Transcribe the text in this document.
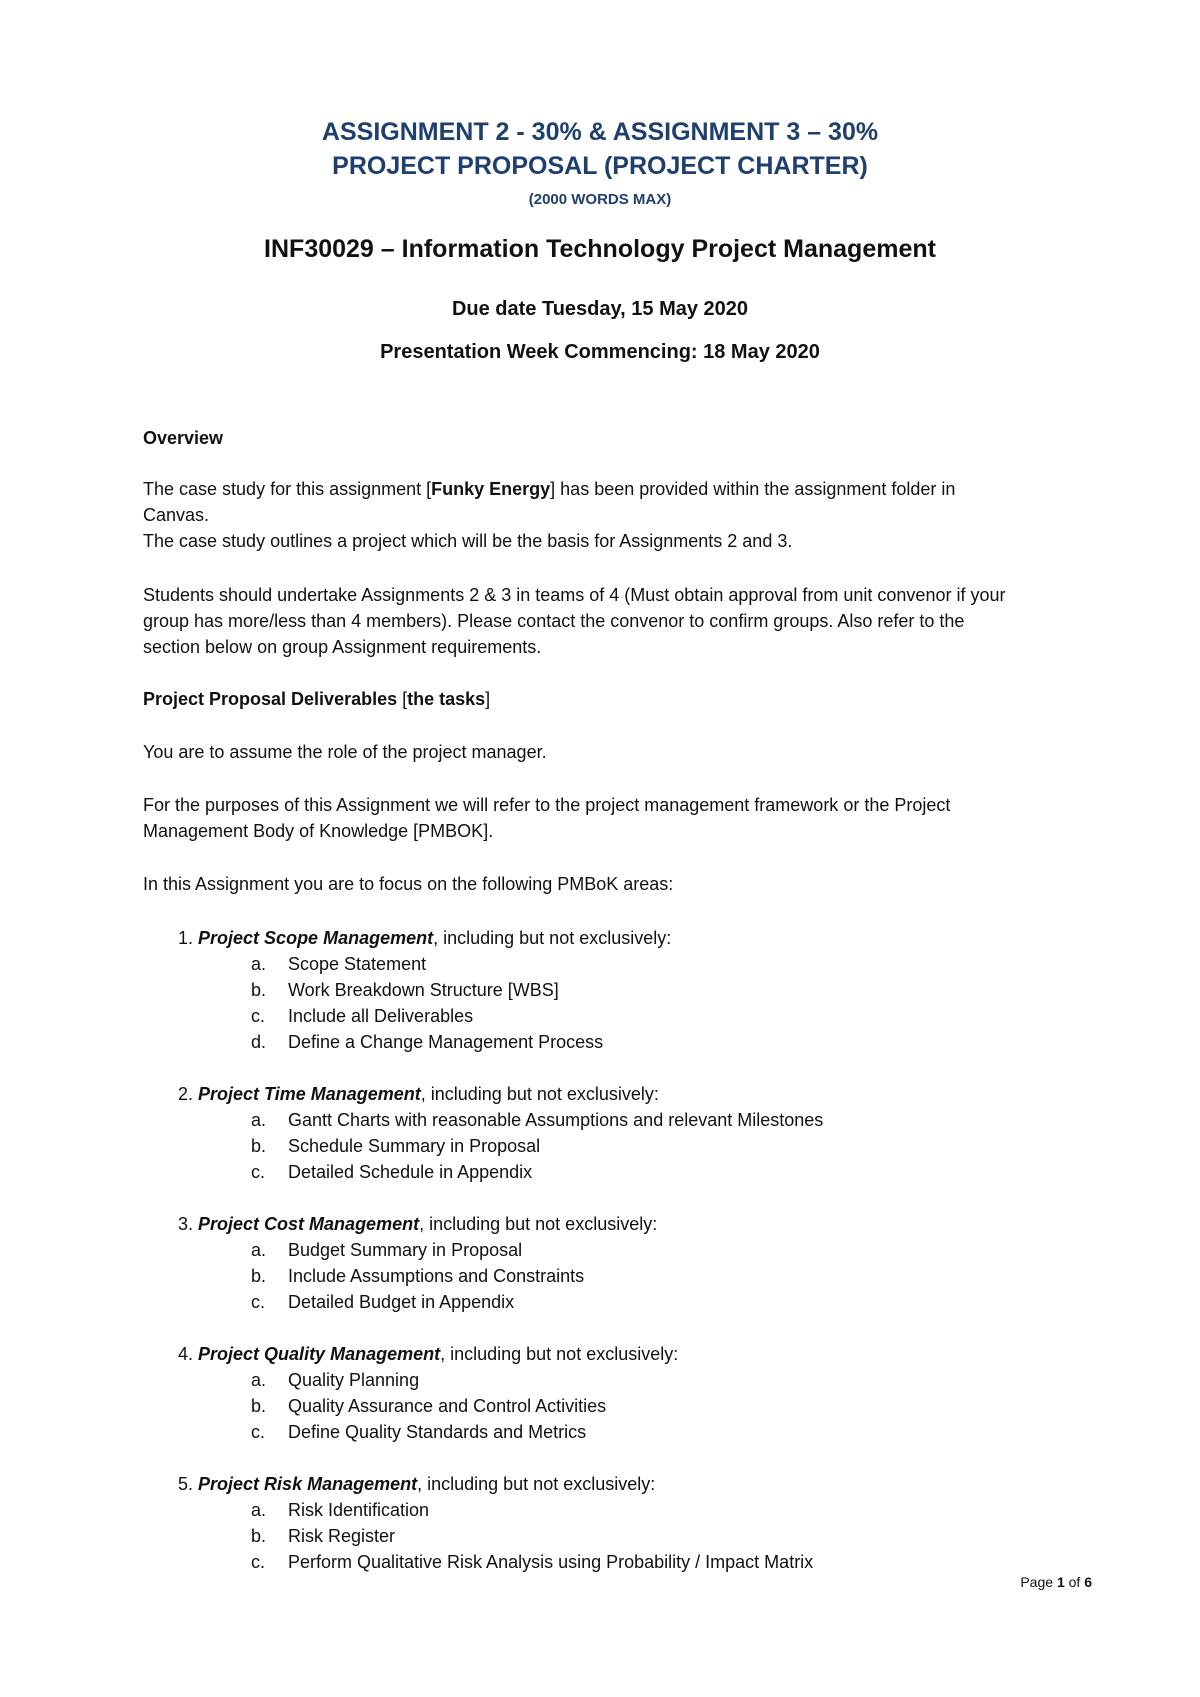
ASSIGNMENT 2 - 30% & ASSIGNMENT 3 – 30%
PROJECT PROPOSAL (PROJECT CHARTER)
(2000 WORDS MAX)
INF30029 – Information Technology Project Management
Due date Tuesday, 15 May 2020
Presentation Week Commencing: 18 May 2020
Overview
The case study for this assignment [Funky Energy] has been provided within the assignment folder in Canvas.
The case study outlines a project which will be the basis for Assignments 2 and 3.
Students should undertake Assignments 2 & 3 in teams of 4 (Must obtain approval from unit convenor if your group has more/less than 4 members). Please contact the convenor to confirm groups. Also refer to the section below on group Assignment requirements.
Project Proposal Deliverables [the tasks]
You are to assume the role of the project manager.
For the purposes of this Assignment we will refer to the project management framework or the Project Management Body of Knowledge [PMBOK].
In this Assignment you are to focus on the following PMBoK areas:
1. Project Scope Management, including but not exclusively:
a. Scope Statement
b. Work Breakdown Structure [WBS]
c. Include all Deliverables
d. Define a Change Management Process
2. Project Time Management, including but not exclusively:
a. Gantt Charts with reasonable Assumptions and relevant Milestones
b. Schedule Summary in Proposal
c. Detailed Schedule in Appendix
3. Project Cost Management, including but not exclusively:
a. Budget Summary in Proposal
b. Include Assumptions and Constraints
c. Detailed Budget in Appendix
4. Project Quality Management, including but not exclusively:
a. Quality Planning
b. Quality Assurance and Control Activities
c. Define Quality Standards and Metrics
5. Project Risk Management, including but not exclusively:
a. Risk Identification
b. Risk Register
c. Perform Qualitative Risk Analysis using Probability / Impact Matrix
Page 1 of 6
